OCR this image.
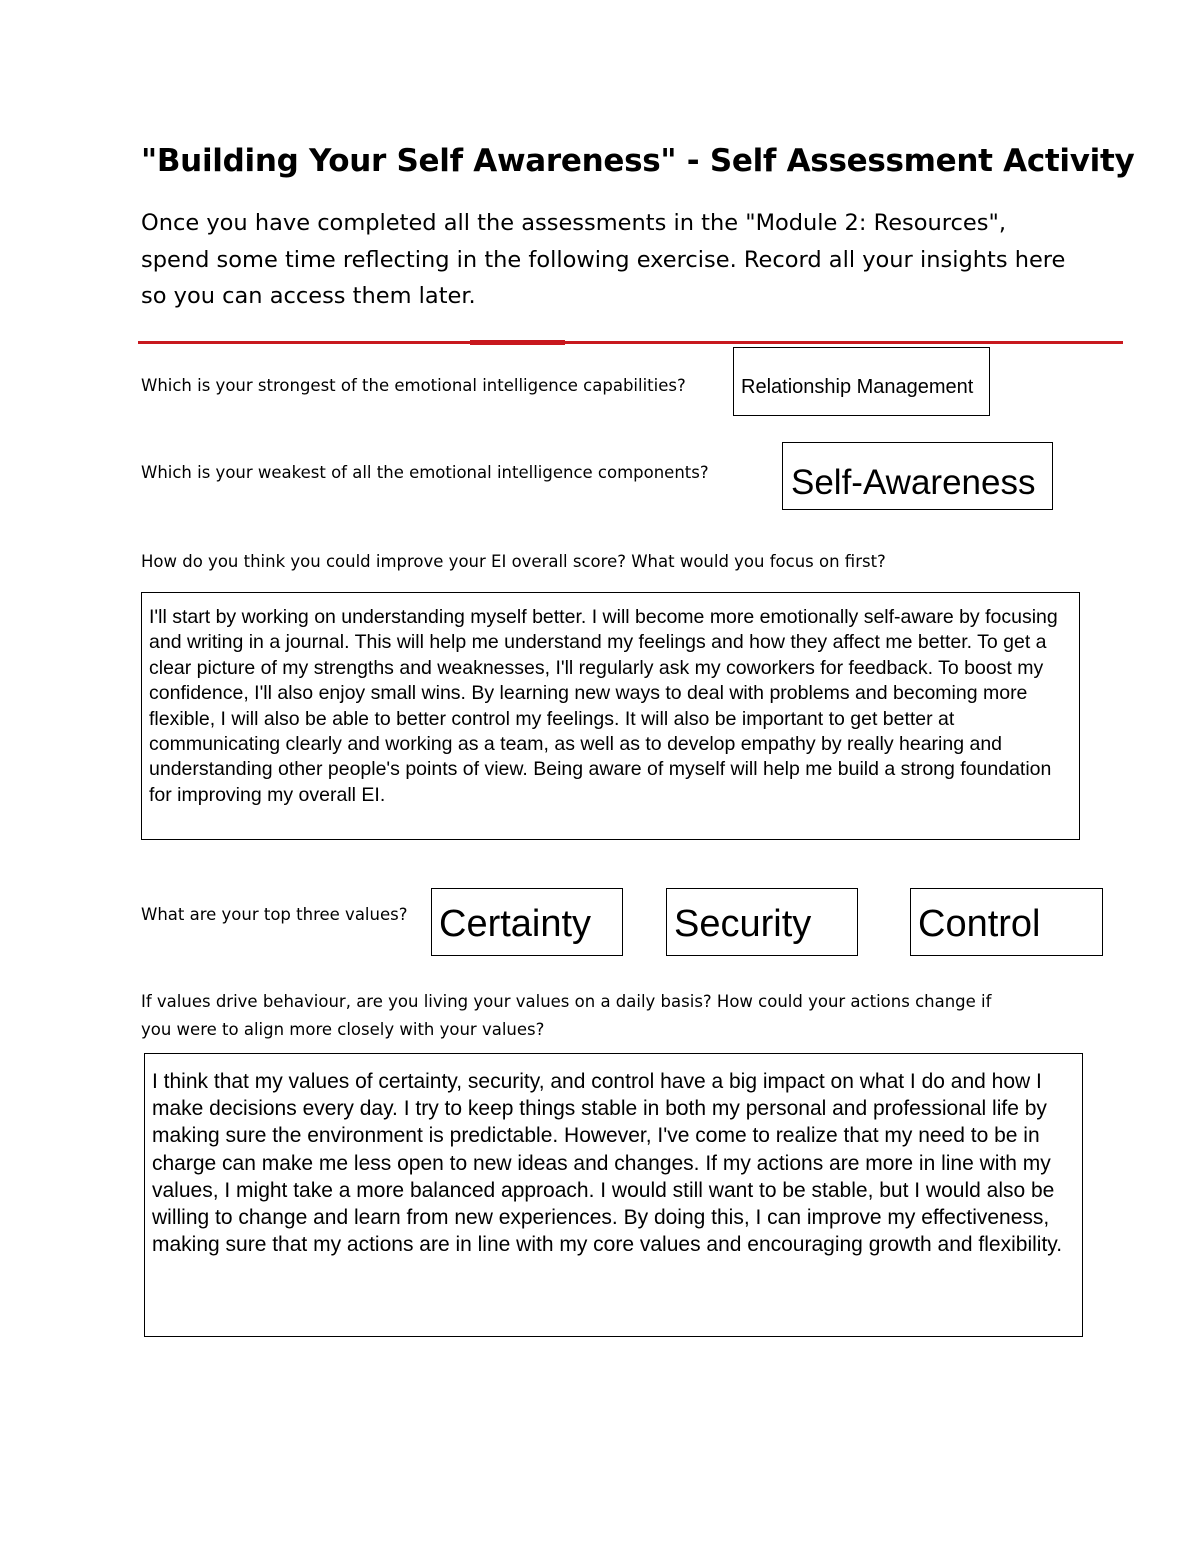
"Building Your Self Awareness" - Self Assessment Activity
Once you have completed all the assessments in the "Module 2: Resources",
spend some time reflecting in the following exercise. Record all your insights here
so you can access them later.
Which is your strongest of the emotional intelligence capabilities?	Relationship Management
Which is your weakest of all the emotional intelligence components? Self-Awareness
How do you think you could improve your EI overall score? What would you focus on first?
I'll start by working on understanding myself better. I will become more emotionally self-aware by focusing and writing in a journal. This will help me understand my feelings and how they affect me better. To get a clear picture of my strengths and weaknesses, I'll regularly ask my coworkers for feedback. To boost my confidence, I'll also enjoy small wins. By learning new ways to deal with problems and becoming more flexible, I will also be able to better control my feelings. It will also be important to get better at communicating clearly and working as a team, as well as to develop empathy by really hearing and understanding other people's points of view. Being aware of myself will help me build a strong foundation for improving my overall EI.
What are your top three values? Certainty	Security	Control
If values drive behaviour, are you living your values on a daily basis? How could your actions change if
you were to align more closely with your values?
I think that my values of certainty, security, and control have a big impact on what I do and how I make decisions every day. I try to keep things stable in both my personal and professional life by making sure the environment is predictable. However, I've come to realize that my need to be in charge can make me less open to new ideas and changes. If my actions are more in line with my values, I might take a more balanced approach. I would still want to be stable, but I would also be willing to change and learn from new experiences. By doing this, I can improve my effectiveness, making sure that my actions are in line with my core values and encouraging growth and flexibility.
